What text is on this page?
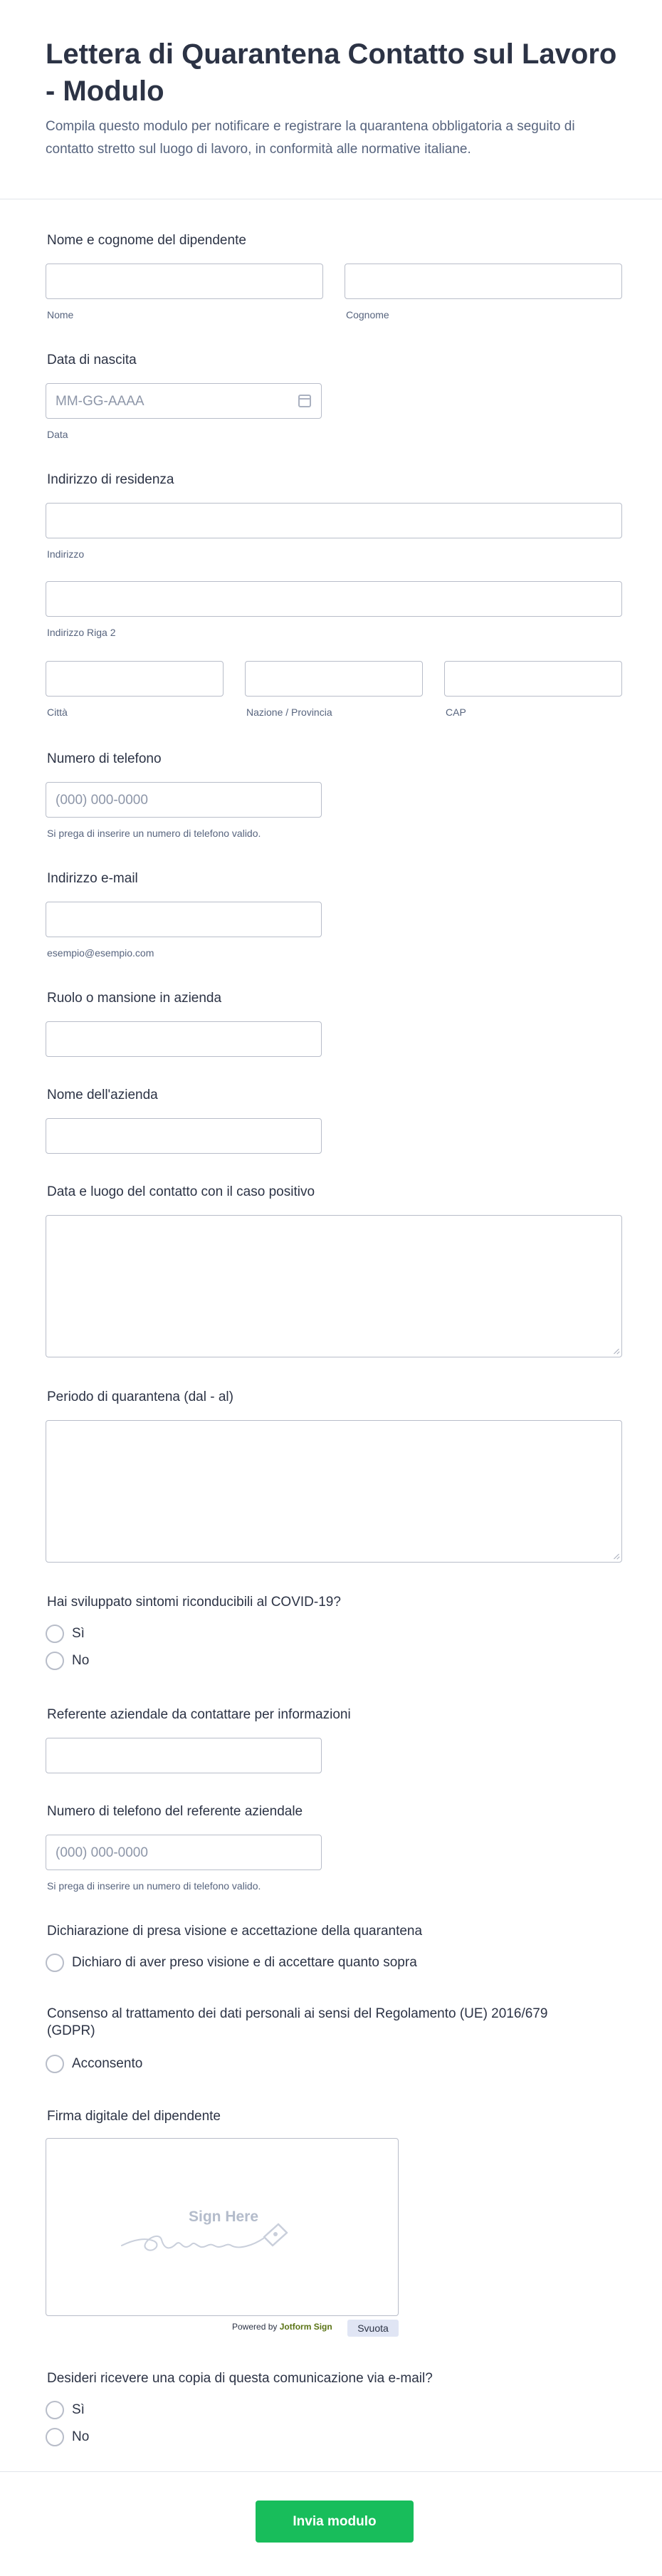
Lettera di Quarantena Contatto sul Lavoro - Modulo
Compila questo modulo per notificare e registrare la quarantena obbligatoria a seguito di contatto stretto sul luogo di lavoro, in conformità alle normative italiane.
Nome e cognome del dipendente
Nome	Cognome
Data di nascita
MM-GG-AAAA
Data
Indirizzo di residenza
Indirizzo
Indirizzo Riga 2
Città	Nazione / Provincia	CAP
Numero di telefono
(000) 000-0000
Si prega di inserire un numero di telefono valido.
Indirizzo e-mail
esempio@esempio.com
Ruolo o mansione in azienda
Nome dell'azienda
Data e luogo del contatto con il caso positivo
Periodo di quarantena (dal - al)
Hai sviluppato sintomi riconducibili al COVID-19?
Sì
No
Referente aziendale da contattare per informazioni
Numero di telefono del referente aziendale
(000) 000-0000
Si prega di inserire un numero di telefono valido.
Dichiarazione di presa visione e accettazione della quarantena
Dichiaro di aver preso visione e di accettare quanto sopra
Consenso al trattamento dei dati personali ai sensi del Regolamento (UE) 2016/679
(GDPR)
Acconsento
Firma digitale del dipendente
Sign Here
Powered by Jotform Sign	Svuota
Desideri ricevere una copia di questa comunicazione via e-mail?
Sì
No
Invia modulo
